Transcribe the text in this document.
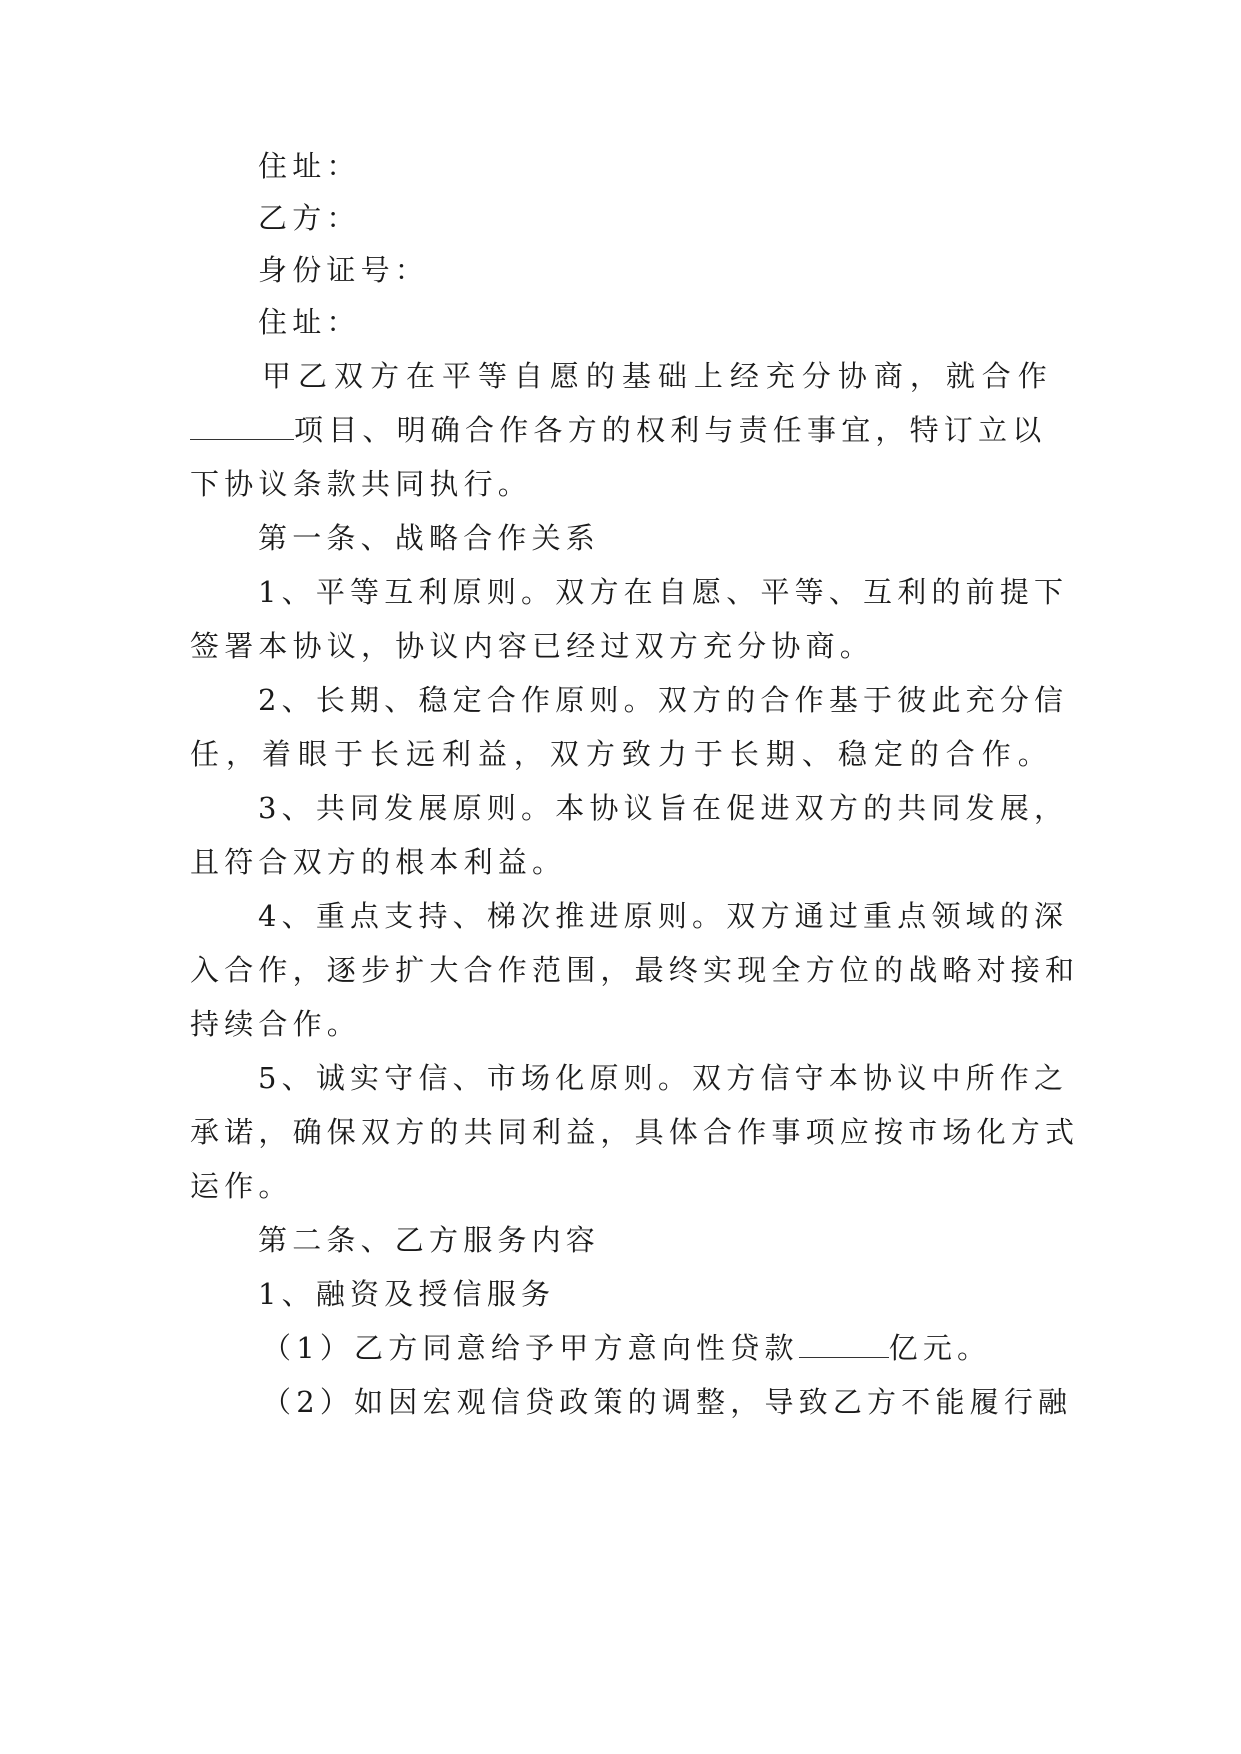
住址：
乙方：
身份证号：
住址：
甲乙双方在平等自愿的基础上经充分协商，就合作
项目、明确合作各方的权利与责任事宜，特订立以
下协议条款共同执行。
第一条、战略合作关系
1、平等互利原则。双方在自愿、平等、互利的前提下
签署本协议，协议内容已经过双方充分协商。
2、长期、稳定合作原则。双方的合作基于彼此充分信
任，着眼于长远利益，双方致力于长期、稳定的合作。
3、共同发展原则。本协议旨在促进双方的共同发展，
且符合双方的根本利益。
4、重点支持、梯次推进原则。双方通过重点领域的深
入合作，逐步扩大合作范围，最终实现全方位的战略对接和
持续合作。
5、诚实守信、市场化原则。双方信守本协议中所作之
承诺，确保双方的共同利益，具体合作事项应按市场化方式
运作。
第二条、乙方服务内容
1、融资及授信服务
（1）乙方同意给予甲方意向性贷款	亿元。
（2）如因宏观信贷政策的调整，导致乙方不能履行融
